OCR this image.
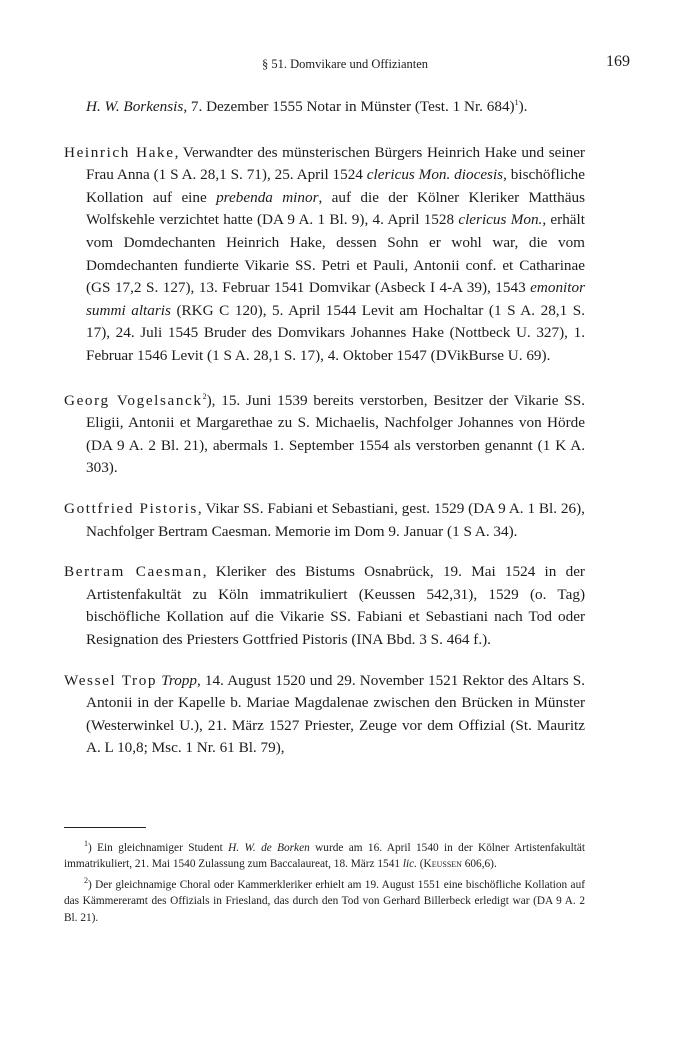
§ 51. Domvikare und Offizianten	169

H. W. Borkensis, 7. Dezember 1555 Notar in Münster (Test. 1 Nr. 684)$^1$).

Heinrich Hake, Verwandter des münsterischen Bürgers Heinrich Hake und seiner Frau Anna (1 S A. 28,1 S. 71), 25. April 1524 clericus Mon. diocesis, bischöfliche Kollation auf eine prebenda minor, auf die der Kölner Kleriker Matthäus Wolfskehle verzichtet hatte (DA 9 A. 1 Bl. 9), 4. April 1528 clericus Mon., erhält vom Domdechanten Heinrich Hake, dessen Sohn er wohl war, die vom Domdechanten fundierte Vikarie SS. Petri et Pauli, Antonii conf. et Catharinae (GS 17,2 S. 127), 13. Februar 1541 Domvikar (Asbeck I 4-A 39), 1543 emonitor summi altaris (RKG C 120), 5. April 1544 Levit am Hochaltar (1 S A. 28,1 S. 17), 24. Juli 1545 Bruder des Domvikars Johannes Hake (Nottbeck U. 327), 1. Februar 1546 Levit (1 S A. 28,1 S. 17), 4. Oktober 1547 (DVikBurse U. 69).

Georg Vogelsanck$^2$), 15. Juni 1539 bereits verstorben, Besitzer der Vikarie SS. Eligii, Antonii et Margarethae zu S. Michaelis, Nachfolger Johannes von Hörde (DA 9 A. 2 Bl. 21), abermals 1. September 1554 als verstorben genannt (1 K A. 303).

Gottfried Pistoris, Vikar SS. Fabiani et Sebastiani, gest. 1529 (DA 9 A. 1 Bl. 26), Nachfolger Bertram Caesman. Memorie im Dom 9. Januar (1 S A. 34).

Bertram Caesman, Kleriker des Bistums Osnabrück, 19. Mai 1524 in der Artistenfakultät zu Köln immatrikuliert (Keussen 542,31), 1529 (o. Tag) bischöfliche Kollation auf die Vikarie SS. Fabiani et Sebastiani nach Tod oder Resignation des Priesters Gottfried Pistoris (INA Bbd. 3 S. 464 f.).

Wessel Trop Tropp, 14. August 1520 und 29. November 1521 Rektor des Altars S. Antonii in der Kapelle b. Mariae Magdalenae zwischen den Brücken in Münster (Westerwinkel U.), 21. März 1527 Priester, Zeuge vor dem Offizial (St. Mauritz A. L 10,8; Msc. 1 Nr. 61 Bl. 79),

$^1$) Ein gleichnamiger Student H. W. de Borken wurde am 16. April 1540 in der Kölner Artistenfakultät immatrikuliert, 21. Mai 1540 Zulassung zum Baccalaureat, 18. März 1541 lic. (Keussen 606,6).

$^2$) Der gleichnamige Choral oder Kammerkleriker erhielt am 19. August 1551 eine bischöfliche Kollation auf das Kämmereramt des Offizials in Friesland, das durch den Tod von Gerhard Billerbeck erledigt war (DA 9 A. 2 Bl. 21).
